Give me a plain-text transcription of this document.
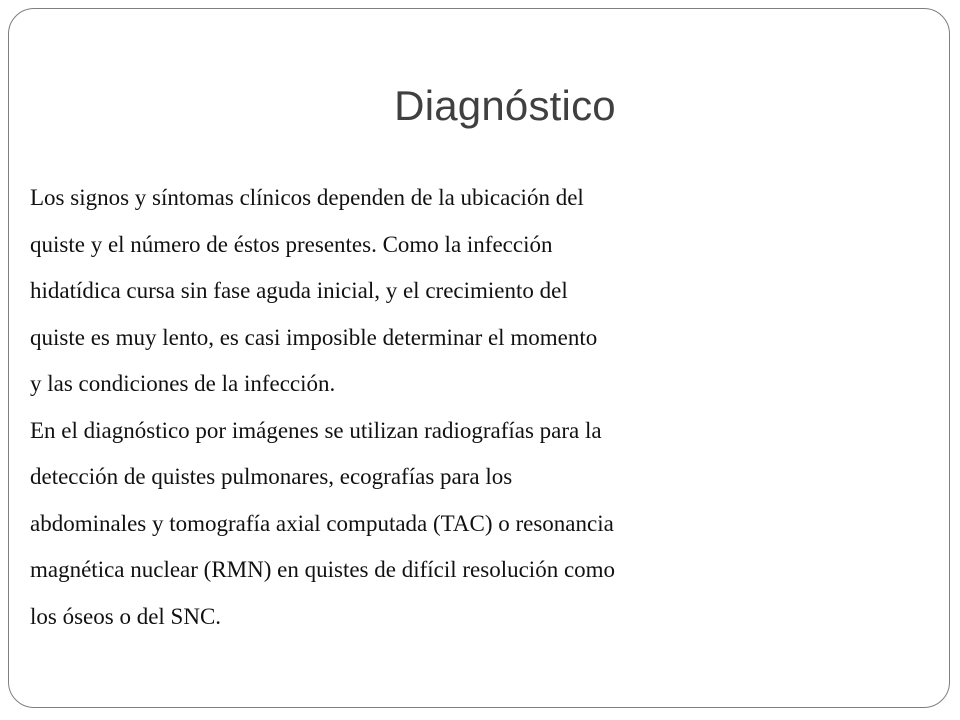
Diagnóstico

Los signos y síntomas clínicos dependen de la ubicación del
quiste y el número de éstos presentes. Como la infección
hidatídica cursa sin fase aguda inicial, y el crecimiento del
quiste es muy lento, es casi imposible determinar el momento
y las condiciones de la infección.

En el diagnóstico por imágenes se utilizan radiografías para la
detección de quistes pulmonares, ecografías para los
abdominales y tomografía axial computada (TAC) o resonancia
magnética nuclear (RMN) en quistes de difícil resolución como
los óseos o del SNC.
